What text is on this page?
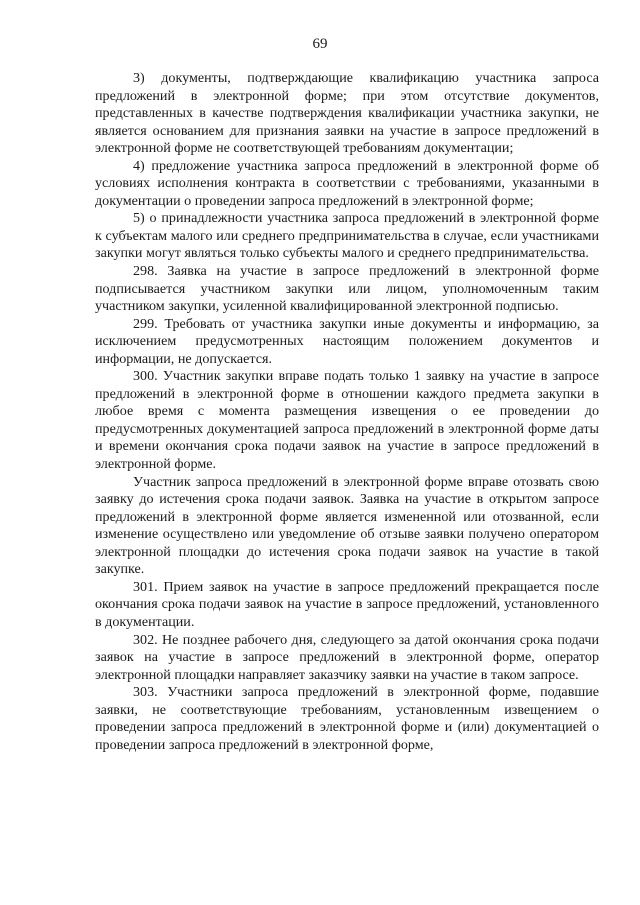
69

3) документы, подтверждающие квалификацию участника запроса предложений в электронной форме; при этом отсутствие документов, представленных в качестве подтверждения квалификации участника закупки, не является основанием для признания заявки на участие в запросе предложений в электронной форме не соответствующей требованиям документации;

4) предложение участника запроса предложений в электронной форме об условиях исполнения контракта в соответствии с требованиями, указанными в документации о проведении запроса предложений в электронной форме;

5) о принадлежности участника запроса предложений в электронной форме к субъектам малого или среднего предпринимательства в случае, если участниками закупки могут являться только субъекты малого и среднего предпринимательства.

298. Заявка на участие в запросе предложений в электронной форме подписывается участником закупки или лицом, уполномоченным таким участником закупки, усиленной квалифицированной электронной подписью.

299. Требовать от участника закупки иные документы и информацию, за исключением предусмотренных настоящим положением документов и информации, не допускается.

300. Участник закупки вправе подать только 1 заявку на участие в запросе предложений в электронной форме в отношении каждого предмета закупки в любое время с момента размещения извещения о ее проведении до предусмотренных документацией запроса предложений в электронной форме даты и времени окончания срока подачи заявок на участие в запросе предложений в электронной форме.

Участник запроса предложений в электронной форме вправе отозвать свою заявку до истечения срока подачи заявок. Заявка на участие в открытом запросе предложений в электронной форме является измененной или отозванной, если изменение осуществлено или уведомление об отзыве заявки получено оператором электронной площадки до истечения срока подачи заявок на участие в такой закупке.

301. Прием заявок на участие в запросе предложений прекращается после окончания срока подачи заявок на участие в запросе предложений, установленного в документации.

302. Не позднее рабочего дня, следующего за датой окончания срока подачи заявок на участие в запросе предложений в электронной форме, оператор электронной площадки направляет заказчику заявки на участие в таком запросе.

303. Участники запроса предложений в электронной форме, подавшие заявки, не соответствующие требованиям, установленным извещением о проведении запроса предложений в электронной форме и (или) документацией о проведении запроса предложений в электронной форме,
